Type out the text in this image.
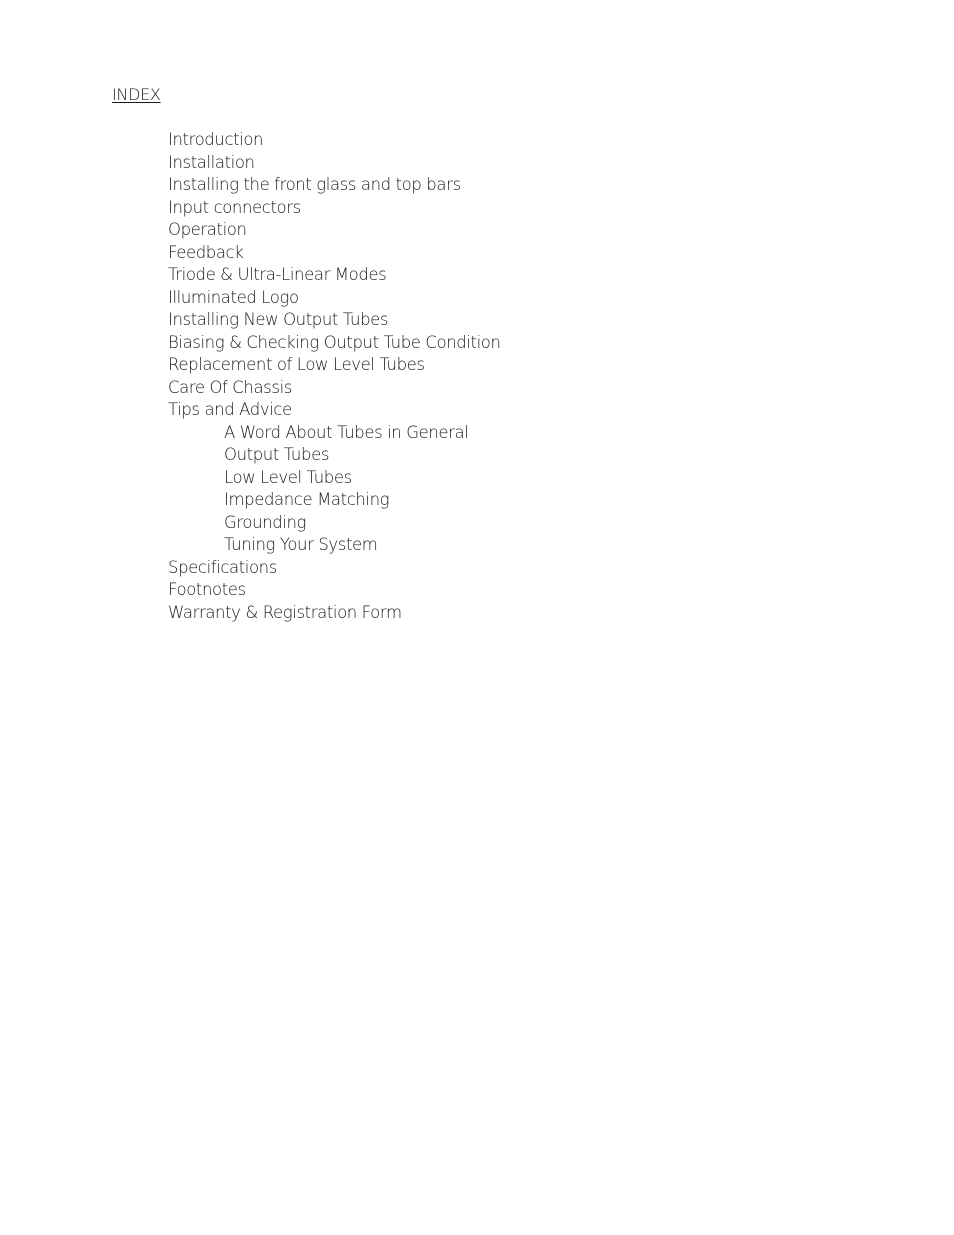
INDEX
Introduction
Installation
Installing the front glass and top bars
Input connectors
Operation
Feedback
Triode & Ultra-Linear Modes
Illuminated Logo
Installing New Output Tubes
Biasing & Checking Output Tube Condition
Replacement of Low Level Tubes
Care Of Chassis
Tips and Advice
A Word About Tubes in General
Output Tubes
Low Level Tubes
Impedance Matching
Grounding
Tuning Your System
Specifications
Footnotes
Warranty & Registration Form
